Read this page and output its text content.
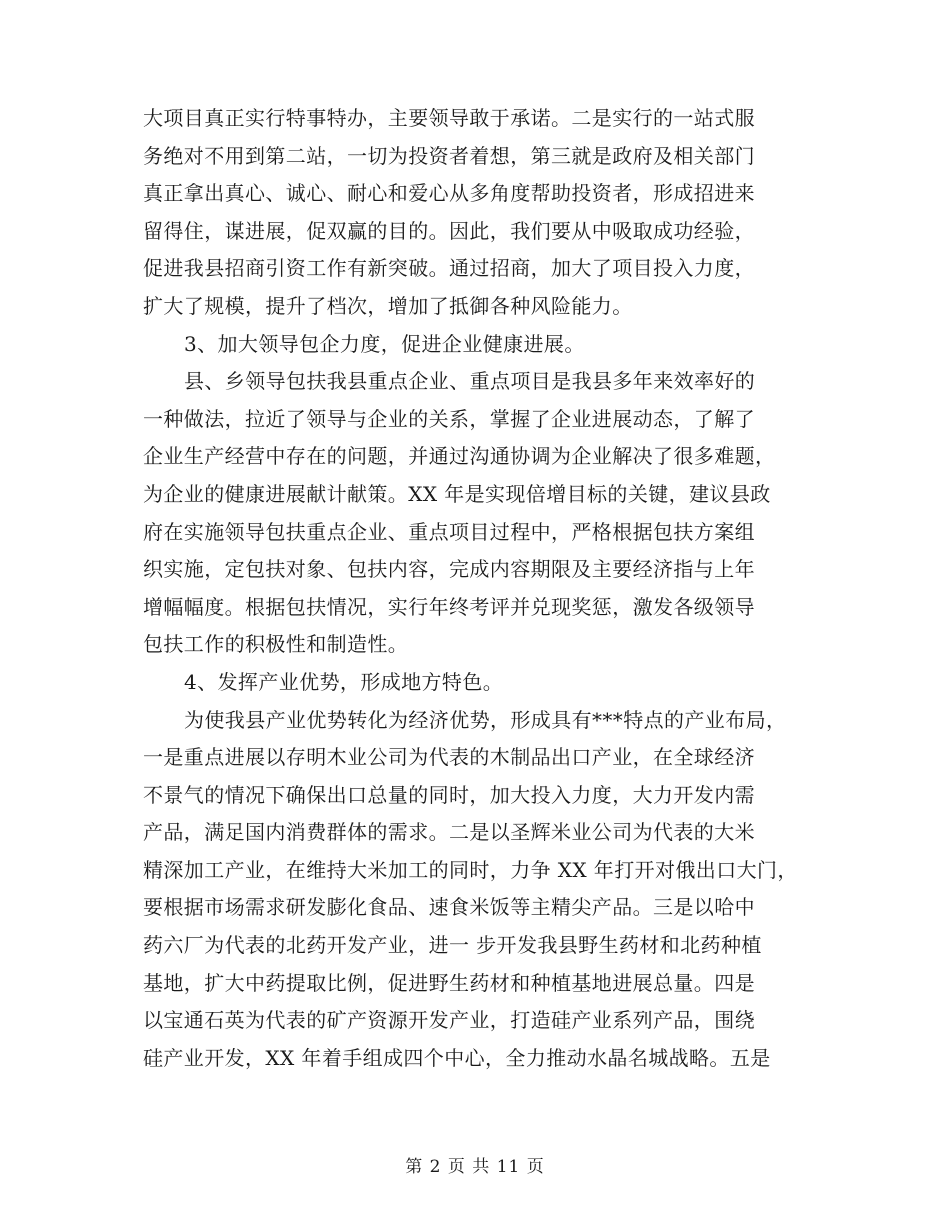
大项目真正实行特事特办，主要领导敢于承诺。二是实行的一站式服
务绝对不用到第二站，一切为投资者着想，第三就是政府及相关部门
真正拿出真心、诚心、耐心和爱心从多角度帮助投资者，形成招进来
留得住，谋进展，促双赢的目的。因此，我们要从中吸取成功经验，
促进我县招商引资工作有新突破。通过招商，加大了项目投入力度，
扩大了规模，提升了档次，增加了抵御各种风险能力。
3、加大领导包企力度，促进企业健康进展。
县、乡领导包扶我县重点企业、重点项目是我县多年来效率好的
一种做法，拉近了领导与企业的关系，掌握了企业进展动态，了解了
企业生产经营中存在的问题，并通过沟通协调为企业解决了很多难题，
为企业的健康进展献计献策。XX 年是实现倍增目标的关键，建议县政
府在实施领导包扶重点企业、重点项目过程中，严格根据包扶方案组
织实施，定包扶对象、包扶内容，完成内容期限及主要经济指与上年
增幅幅度。根据包扶情况，实行年终考评并兑现奖惩，激发各级领导
包扶工作的积极性和制造性。
4、发挥产业优势，形成地方特色。
为使我县产业优势转化为经济优势，形成具有***特点的产业布局，
一是重点进展以存明木业公司为代表的木制品出口产业，在全球经济
不景气的情况下确保出口总量的同时，加大投入力度，大力开发内需
产品，满足国内消费群体的需求。二是以圣辉米业公司为代表的大米
精深加工产业，在维持大米加工的同时，力争 XX 年打开对俄出口大门，
要根据市场需求研发膨化食品、速食米饭等主精尖产品。三是以哈中
药六厂为代表的北药开发产业，进一 步开发我县野生药材和北药种植
基地，扩大中药提取比例，促进野生药材和种植基地进展总量。四是
以宝通石英为代表的矿产资源开发产业，打造硅产业系列产品，围绕
硅产业开发，XX 年着手组成四个中心，全力推动水晶名城战略。五是
第 2 页 共 11 页
